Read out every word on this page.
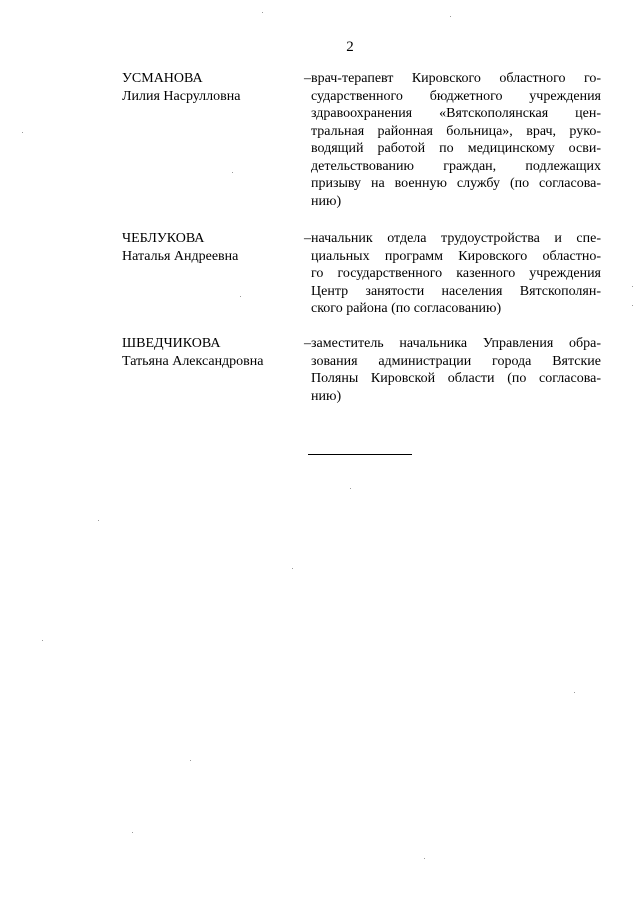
2
УСМАНОВА
Лилия Насрулловна
– врач-терапевт Кировского областного го-
сударственного бюджетного учреждения
здравоохранения «Вятскополянская цен-
тральная районная больница», врач, руко-
водящий работой по медицинскому осви-
детельствованию граждан, подлежащих
призыву на военную службу (по согласова-
нию)
ЧЕБЛУКОВА
Наталья Андреевна
– начальник отдела трудоустройства и спе-
циальных программ Кировского областно-
го государственного казенного учреждения
Центр занятости населения Вятскополян-
ского района (по согласованию)
ШВЕДЧИКОВА
Татьяна Александровна
– заместитель начальника Управления обра-
зования администрации города Вятские
Поляны Кировской области (по согласова-
нию)
